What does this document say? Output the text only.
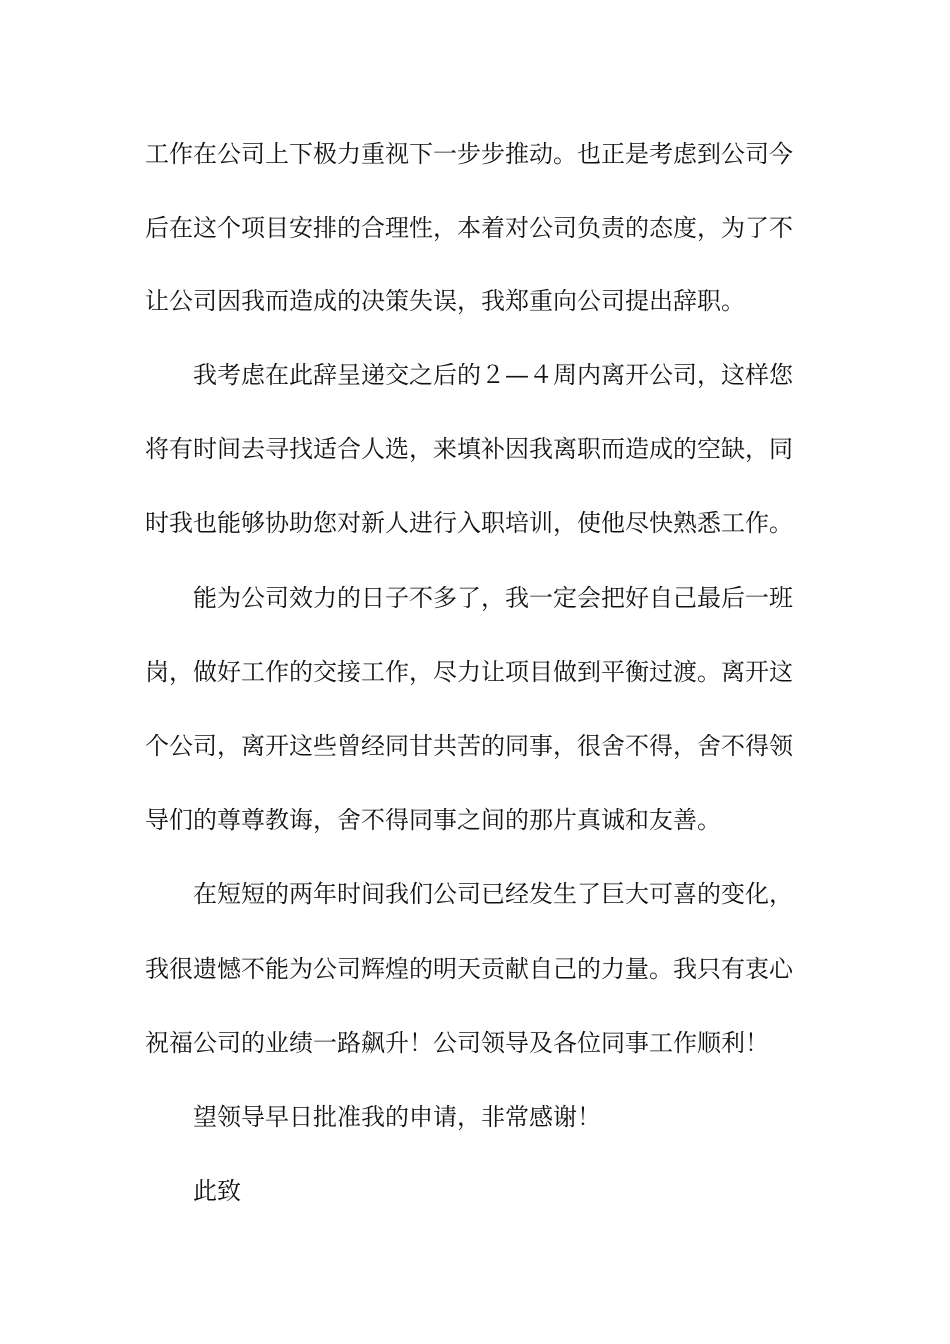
工作在公司上下极力重视下一步步推动。也正是考虑到公司今
后在这个项目安排的合理性，本着对公司负责的态度，为了不
让公司因我而造成的决策失误，我郑重向公司提出辞职。
我考虑在此辞呈递交之后的２—４周内离开公司，这样您
将有时间去寻找适合人选，来填补因我离职而造成的空缺，同
时我也能够协助您对新人进行入职培训，使他尽快熟悉工作。
能为公司效力的日子不多了，我一定会把好自己最后一班
岗，做好工作的交接工作，尽力让项目做到平衡过渡。离开这
个公司，离开这些曾经同甘共苦的同事，很舍不得，舍不得领
导们的尊尊教诲，舍不得同事之间的那片真诚和友善。
在短短的两年时间我们公司已经发生了巨大可喜的变化，
我很遗憾不能为公司辉煌的明天贡献自己的力量。我只有衷心
祝福公司的业绩一路飙升！公司领导及各位同事工作顺利！
望领导早日批准我的申请，非常感谢！
此致
